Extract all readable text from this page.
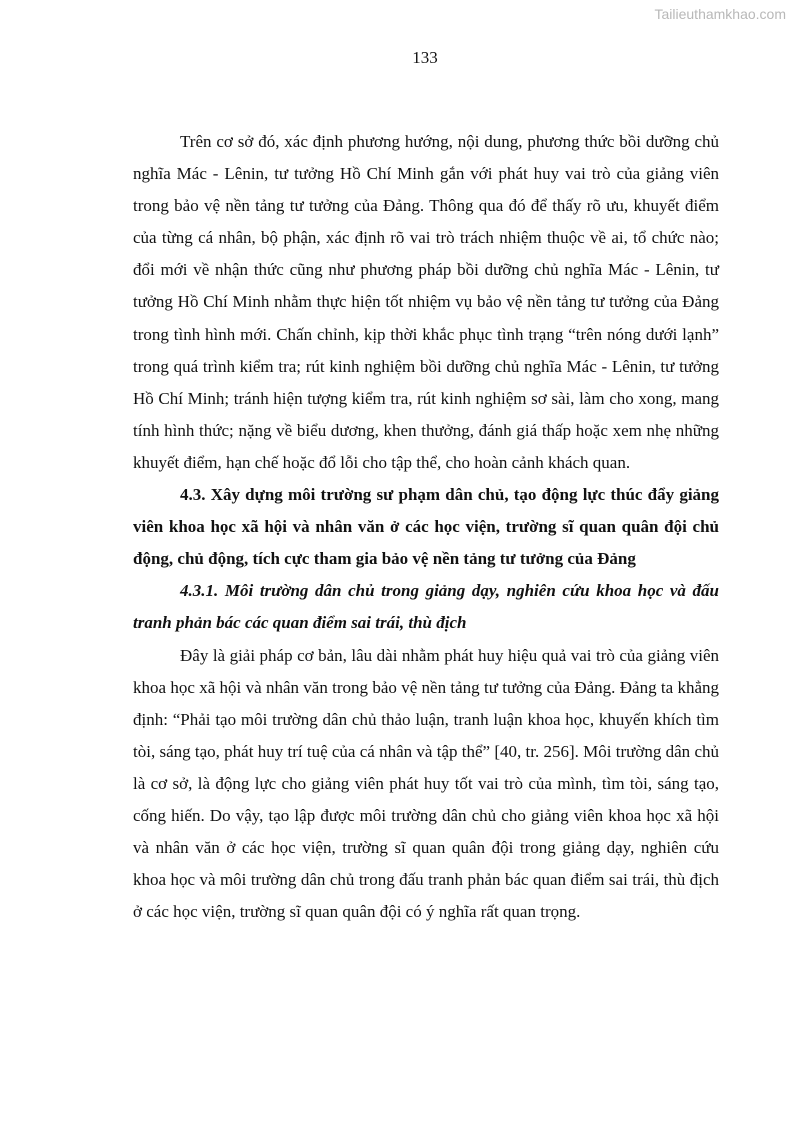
Tailieuthamkhao.com
133

Trên cơ sở đó, xác định phương hướng, nội dung, phương thức bồi dưỡng chủ nghĩa Mác - Lênin, tư tưởng Hồ Chí Minh gắn với phát huy vai trò của giảng viên trong bảo vệ nền tảng tư tưởng của Đảng. Thông qua đó để thấy rõ ưu, khuyết điểm của từng cá nhân, bộ phận, xác định rõ vai trò trách nhiệm thuộc về ai, tổ chức nào; đổi mới về nhận thức cũng như phương pháp bồi dưỡng chủ nghĩa Mác - Lênin, tư tưởng Hồ Chí Minh nhằm thực hiện tốt nhiệm vụ bảo vệ nền tảng tư tưởng của Đảng trong tình hình mới. Chấn chỉnh, kịp thời khắc phục tình trạng “trên nóng dưới lạnh” trong quá trình kiểm tra; rút kinh nghiệm bồi dưỡng chủ nghĩa Mác - Lênin, tư tưởng Hồ Chí Minh; tránh hiện tượng kiểm tra, rút kinh nghiệm sơ sài, làm cho xong, mang tính hình thức; nặng về biểu dương, khen thưởng, đánh giá thấp hoặc xem nhẹ những khuyết điểm, hạn chế hoặc đổ lỗi cho tập thể, cho hoàn cảnh khách quan.

4.3. Xây dựng môi trường sư phạm dân chủ, tạo động lực thúc đẩy giảng viên khoa học xã hội và nhân văn ở các học viện, trường sĩ quan quân đội chủ động, chủ động, tích cực tham gia bảo vệ nền tảng tư tưởng của Đảng

4.3.1. Môi trường dân chủ trong giảng dạy, nghiên cứu khoa học và đấu tranh phản bác các quan điểm sai trái, thù địch

Đây là giải pháp cơ bản, lâu dài nhằm phát huy hiệu quả vai trò của giảng viên khoa học xã hội và nhân văn trong bảo vệ nền tảng tư tưởng của Đảng. Đảng ta khẳng định: “Phải tạo môi trường dân chủ thảo luận, tranh luận khoa học, khuyến khích tìm tòi, sáng tạo, phát huy trí tuệ của cá nhân và tập thể” [40, tr. 256]. Môi trường dân chủ là cơ sở, là động lực cho giảng viên phát huy tốt vai trò của mình, tìm tòi, sáng tạo, cống hiến. Do vậy, tạo lập được môi trường dân chủ cho giảng viên khoa học xã hội và nhân văn ở các học viện, trường sĩ quan quân đội trong giảng dạy, nghiên cứu khoa học và môi trường dân chủ trong đấu tranh phản bác quan điểm sai trái, thù địch ở các học viện, trường sĩ quan quân đội có ý nghĩa rất quan trọng.
